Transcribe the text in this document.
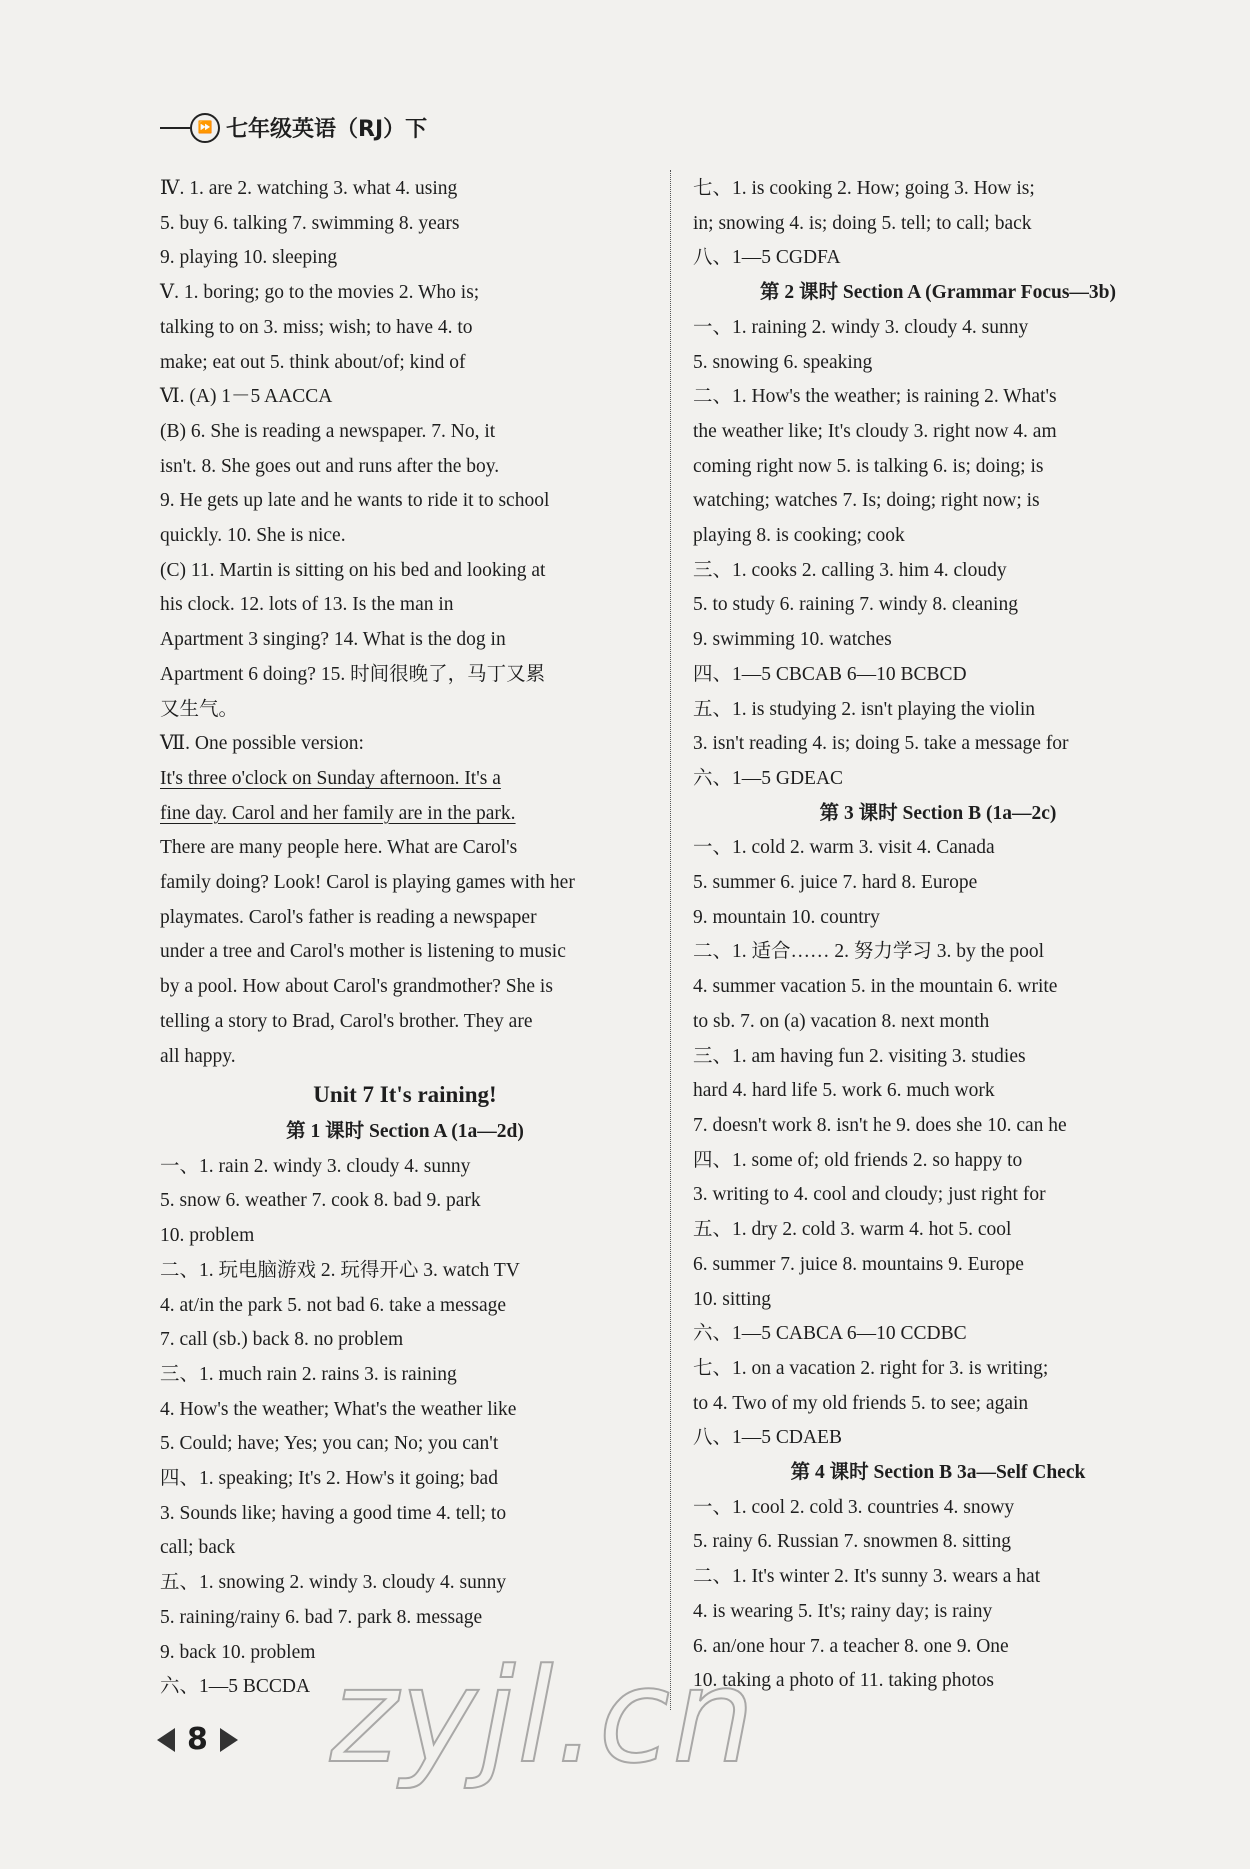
⏩ 七年级英语（RJ）下
Ⅳ. 1. are 2. watching 3. what 4. using
5. buy 6. talking 7. swimming 8. years
9. playing 10. sleeping
Ⅴ. 1. boring; go to the movies 2. Who is;
talking to on 3. miss; wish; to have 4. to
make; eat out 5. think about/of; kind of
Ⅵ. (A) 1－5 AACCA
(B) 6. She is reading a newspaper. 7. No, it
isn't. 8. She goes out and runs after the boy.
9. He gets up late and he wants to ride it to school
quickly. 10. She is nice.
(C) 11. Martin is sitting on his bed and looking at
his clock. 12. lots of 13. Is the man in
Apartment 3 singing? 14. What is the dog in
Apartment 6 doing? 15. 时间很晚了，马丁又累
又生气。
Ⅶ. One possible version:
It's three o'clock on Sunday afternoon. It's a
fine day. Carol and her family are in the park.
There are many people here. What are Carol's
family doing? Look! Carol is playing games with her
playmates. Carol's father is reading a newspaper
under a tree and Carol's mother is listening to music
by a pool. How about Carol's grandmother? She is
telling a story to Brad, Carol's brother. They are
all happy.
Unit 7 It's raining!
第 1 课时 Section A (1a—2d)
一、1. rain 2. windy 3. cloudy 4. sunny
5. snow 6. weather 7. cook 8. bad 9. park
10. problem
二、1. 玩电脑游戏 2. 玩得开心 3. watch TV
4. at/in the park 5. not bad 6. take a message
7. call (sb.) back 8. no problem
三、1. much rain 2. rains 3. is raining
4. How's the weather; What's the weather like
5. Could; have; Yes; you can; No; you can't
四、1. speaking; It's 2. How's it going; bad
3. Sounds like; having a good time 4. tell; to
call; back
五、1. snowing 2. windy 3. cloudy 4. sunny
5. raining/rainy 6. bad 7. park 8. message
9. back 10. problem
六、1—5 BCCDA
七、1. is cooking 2. How; going 3. How is;
in; snowing 4. is; doing 5. tell; to call; back
八、1—5 CGDFA
第 2 课时 Section A (Grammar Focus—3b)
一、1. raining 2. windy 3. cloudy 4. sunny
5. snowing 6. speaking
二、1. How's the weather; is raining 2. What's
the weather like; It's cloudy 3. right now 4. am
coming right now 5. is talking 6. is; doing; is
watching; watches 7. Is; doing; right now; is
playing 8. is cooking; cook
三、1. cooks 2. calling 3. him 4. cloudy
5. to study 6. raining 7. windy 8. cleaning
9. swimming 10. watches
四、1—5 CBCAB 6—10 BCBCD
五、1. is studying 2. isn't playing the violin
3. isn't reading 4. is; doing 5. take a message for
六、1—5 GDEAC
第 3 课时 Section B (1a—2c)
一、1. cold 2. warm 3. visit 4. Canada
5. summer 6. juice 7. hard 8. Europe
9. mountain 10. country
二、1. 适合…… 2. 努力学习 3. by the pool
4. summer vacation 5. in the mountain 6. write
to sb. 7. on (a) vacation 8. next month
三、1. am having fun 2. visiting 3. studies
hard 4. hard life 5. work 6. much work
7. doesn't work 8. isn't he 9. does she 10. can he
四、1. some of; old friends 2. so happy to
3. writing to 4. cool and cloudy; just right for
五、1. dry 2. cold 3. warm 4. hot 5. cool
6. summer 7. juice 8. mountains 9. Europe
10. sitting
六、1—5 CABCA 6—10 CCDBC
七、1. on a vacation 2. right for 3. is writing;
to 4. Two of my old friends 5. to see; again
八、1—5 CDAEB
第 4 课时 Section B 3a—Self Check
一、1. cool 2. cold 3. countries 4. snowy
5. rainy 6. Russian 7. snowmen 8. sitting
二、1. It's winter 2. It's sunny 3. wears a hat
4. is wearing 5. It's; rainy day; is rainy
6. an/one hour 7. a teacher 8. one 9. One
10. taking a photo of 11. taking photos
zyjl.cn
8
